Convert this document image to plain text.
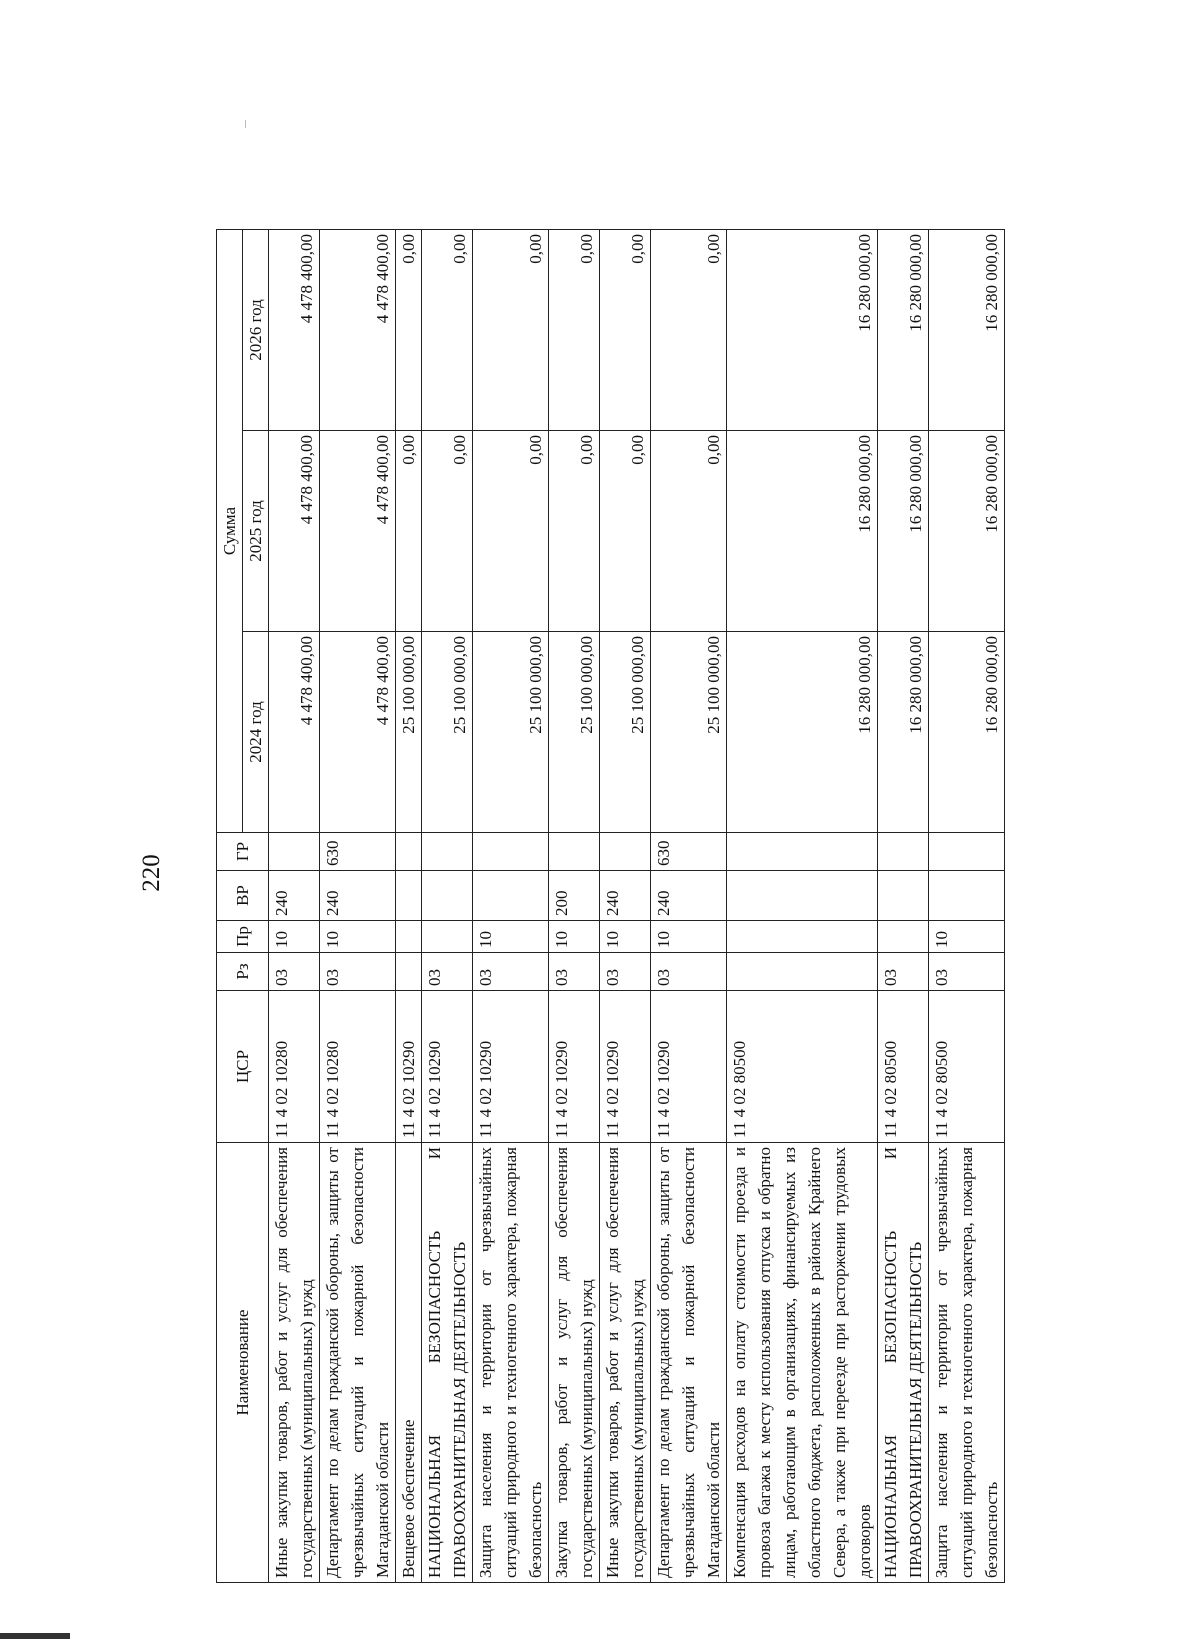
220
Наименование	ЦСР	Рз	Пр	ВР	ГР	Сумма		
						2024 год	2025 год	2026 год
Иные закупки товаров, работ и услуг для обеспечения государственных (муниципальных) нужд	11 4 02 10280	03	10	240		4 478 400,00	4 478 400,00	4 478 400,00
Департамент по делам гражданской обороны, защиты от чрезвычайных ситуаций и пожарной безопасности Магаданской области	11 4 02 10280	03	10	240	630	4 478 400,00	4 478 400,00	4 478 400,00
Вещевое обеспечение	11 4 02 10290					25 100 000,00	0,00	0,00
НАЦИОНАЛЬНАЯ БЕЗОПАСНОСТЬ И ПРАВООХРАНИТЕЛЬНАЯ ДЕЯТЕЛЬНОСТЬ	11 4 02 10290	03				25 100 000,00	0,00	0,00
Защита населения и территории от чрезвычайных ситуаций природного и техногенного характера, пожарная безопасность	11 4 02 10290	03	10			25 100 000,00	0,00	0,00
Закупка товаров, работ и услуг для обеспечения государственных (муниципальных) нужд	11 4 02 10290	03	10	200		25 100 000,00	0,00	0,00
Иные закупки товаров, работ и услуг для обеспечения государственных (муниципальных) нужд	11 4 02 10290	03	10	240		25 100 000,00	0,00	0,00
Департамент по делам гражданской обороны, защиты от чрезвычайных ситуаций и пожарной безопасности Магаданской области	11 4 02 10290	03	10	240	630	25 100 000,00	0,00	0,00
Компенсация расходов на оплату стоимости проезда и провоза багажа к месту использования отпуска и обратно лицам, работающим в организациях, финансируемых из областного бюджета, расположенных в районах Крайнего Севера, а также при переезде при расторжении трудовых договоров	11 4 02 80500					16 280 000,00	16 280 000,00	16 280 000,00
НАЦИОНАЛЬНАЯ БЕЗОПАСНОСТЬ И ПРАВООХРАНИТЕЛЬНАЯ ДЕЯТЕЛЬНОСТЬ	11 4 02 80500	03				16 280 000,00	16 280 000,00	16 280 000,00
Защита населения и территории от чрезвычайных ситуаций природного и техногенного характера, пожарная безопасность	11 4 02 80500	03	10			16 280 000,00	16 280 000,00	16 280 000,00
